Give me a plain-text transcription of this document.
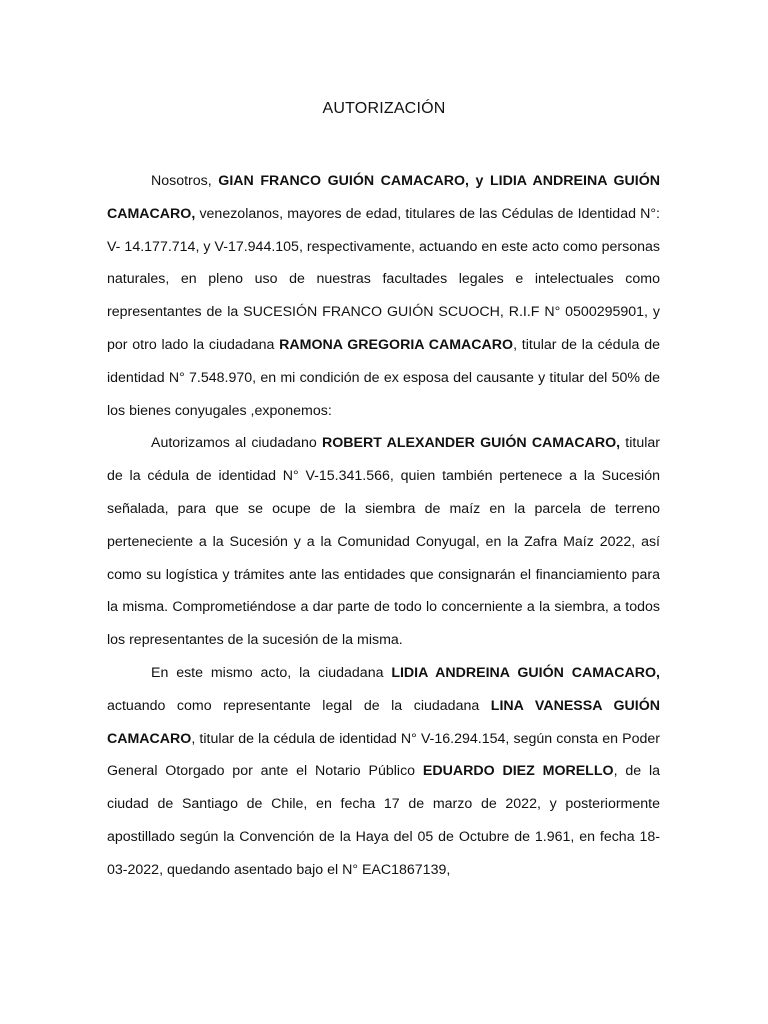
AUTORIZACIÓN

Nosotros, GIAN FRANCO GUIÓN CAMACARO, y LIDIA ANDREINA GUIÓN CAMACARO, venezolanos, mayores de edad, titulares de las Cédulas de Identidad N°: V- 14.177.714, y V-17.944.105, respectivamente, actuando en este acto como personas naturales, en pleno uso de nuestras facultades legales e intelectuales como representantes de la SUCESIÓN FRANCO GUIÓN SCUOCH, R.I.F N° 0500295901, y por otro lado la ciudadana RAMONA GREGORIA CAMACARO, titular de la cédula de identidad N° 7.548.970, en mi condición de ex esposa del causante y titular del 50% de los bienes conyugales ,exponemos:

Autorizamos al ciudadano ROBERT ALEXANDER GUIÓN CAMACARO, titular de la cédula de identidad N° V-15.341.566, quien también pertenece a la Sucesión señalada, para que se ocupe de la siembra de maíz en la parcela de terreno perteneciente a la Sucesión y a la Comunidad Conyugal, en la Zafra Maíz 2022, así como su logística y trámites ante las entidades que consignarán el financiamiento para la misma. Comprometiéndose a dar parte de todo lo concerniente a la siembra, a todos los representantes de la sucesión de la misma.

En este mismo acto, la ciudadana LIDIA ANDREINA GUIÓN CAMACARO, actuando como representante legal de la ciudadana LINA VANESSA GUIÓN CAMACARO, titular de la cédula de identidad N° V-16.294.154, según consta en Poder General Otorgado por ante el Notario Público EDUARDO DIEZ MORELLO, de la ciudad de Santiago de Chile, en fecha 17 de marzo de 2022, y posteriormente apostillado según la Convención de la Haya del 05 de Octubre de 1.961, en fecha 18-03-2022, quedando asentado bajo el N° EAC1867139,
